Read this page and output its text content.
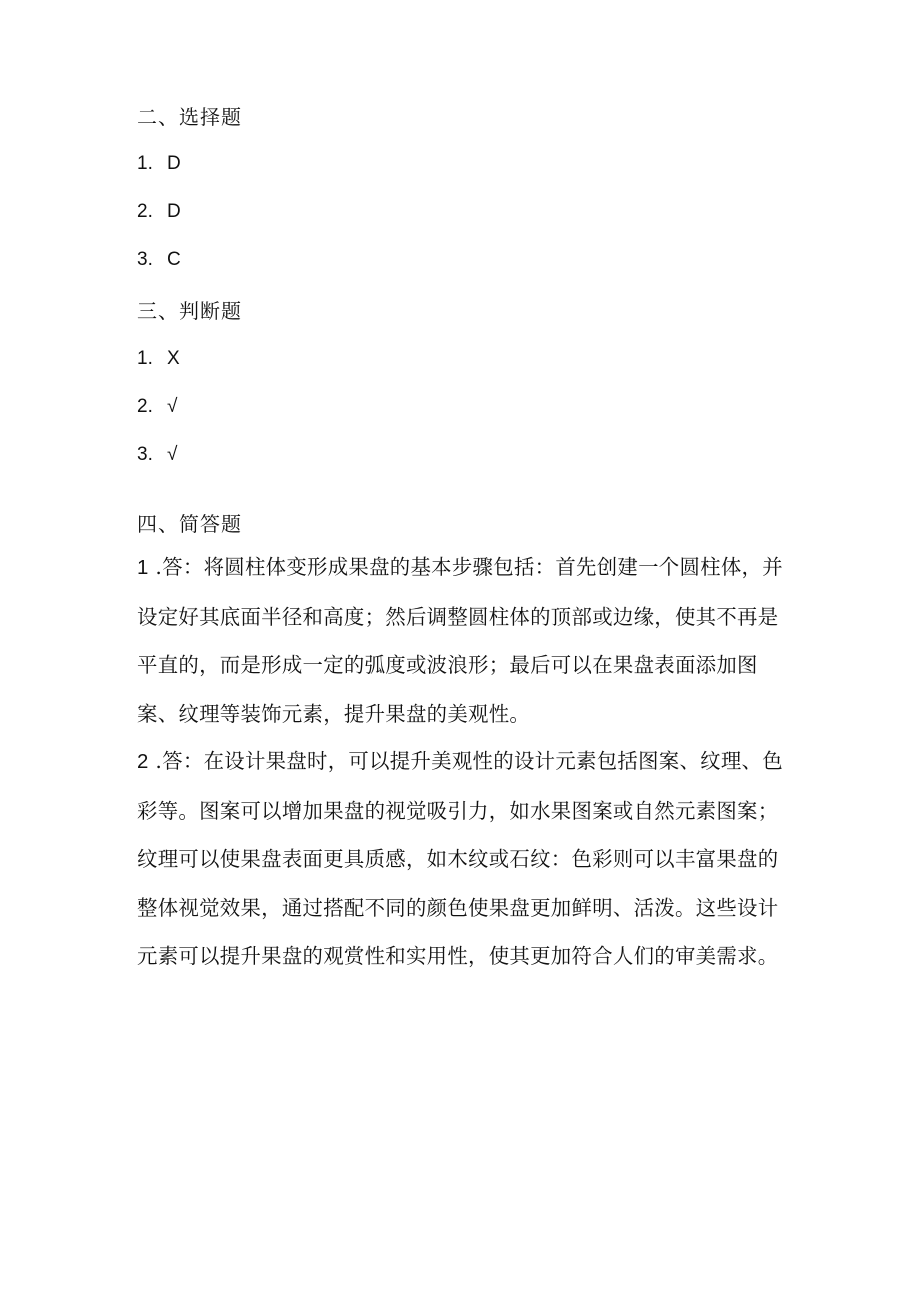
二、选择题
1. D
2. D
3. C
三、判断题
1. X
2. √
3. √
四、简答题

1 .答：将圆柱体变形成果盘的基本步骤包括：首先创建一个圆柱体，并设定好其底面半径和高度；然后调整圆柱体的顶部或边缘，使其不再是平直的，而是形成一定的弧度或波浪形；最后可以在果盘表面添加图案、纹理等装饰元素，提升果盘的美观性。

2 .答：在设计果盘时，可以提升美观性的设计元素包括图案、纹理、色彩等。图案可以增加果盘的视觉吸引力，如水果图案或自然元素图案；纹理可以使果盘表面更具质感，如木纹或石纹：色彩则可以丰富果盘的整体视觉效果，通过搭配不同的颜色使果盘更加鲜明、活泼。这些设计元素可以提升果盘的观赏性和实用性，使其更加符合人们的审美需求。
